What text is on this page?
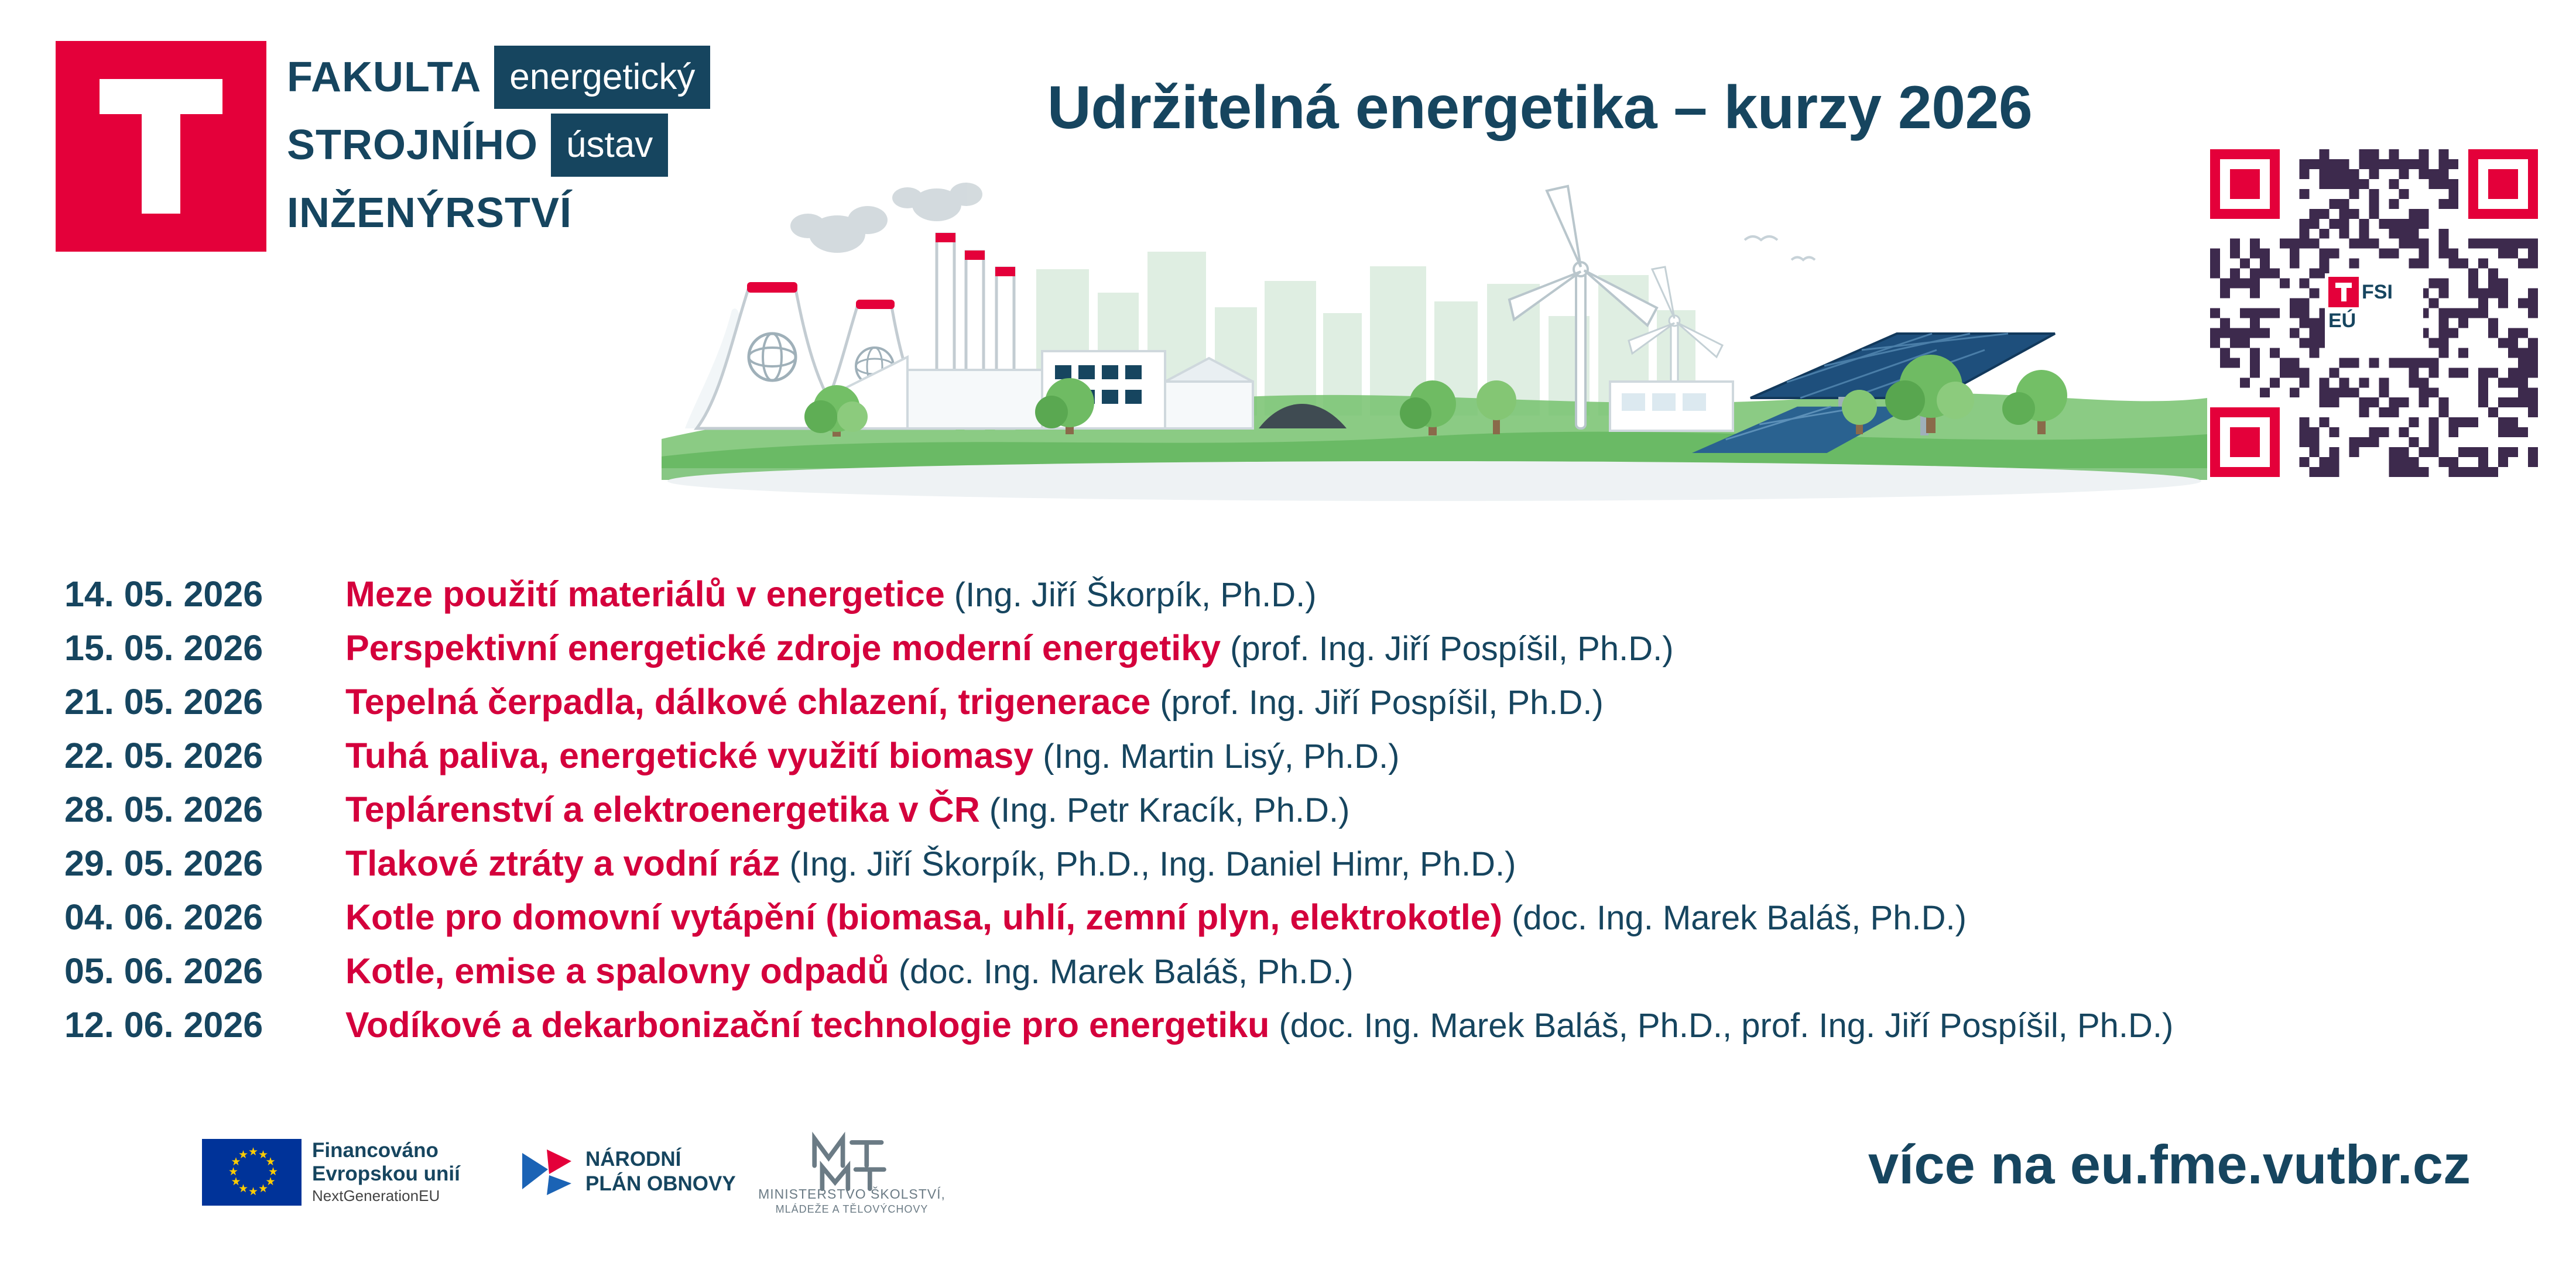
FAKULTA energetický
STROJNÍHO ústav
INŽENÝRSTVÍ
Udržitelná energetika – kurzy 2026
FSI
EÚ
14. 05. 2026	Meze použití materiálů v energetice (Ing. Jiří Škorpík, Ph.D.)
15. 05. 2026	Perspektivní energetické zdroje moderní energetiky (prof. Ing. Jiří Pospíšil, Ph.D.)
21. 05. 2026	Tepelná čerpadla, dálkové chlazení, trigenerace (prof. Ing. Jiří Pospíšil, Ph.D.)
22. 05. 2026	Tuhá paliva, energetické využití biomasy (Ing. Martin Lisý, Ph.D.)
28. 05. 2026	Teplárenství a elektroenergetika v ČR (Ing. Petr Kracík, Ph.D.)
29. 05. 2026	Tlakové ztráty a vodní ráz (Ing. Jiří Škorpík, Ph.D., Ing. Daniel Himr, Ph.D.)
04. 06. 2026	Kotle pro domovní vytápění (biomasa, uhlí, zemní plyn, elektrokotle) (doc. Ing. Marek Baláš, Ph.D.)
05. 06. 2026	Kotle, emise a spalovny odpadů (doc. Ing. Marek Baláš, Ph.D.)
12. 06. 2026	Vodíkové a dekarbonizační technologie pro energetiku (doc. Ing. Marek Baláš, Ph.D., prof. Ing. Jiří Pospíšil, Ph.D.)
★ ★
★
★
★
★
★
★
★
★
★
★	Financováno
Evropskou unií
NextGenerationEU
NÁRODNÍ
PLÁN OBNOVY MINISTERSTVO ŠKOLSTVÍ,
MLÁDEŽE A TĚLOVÝCHOVY
více na eu.fme.vutbr.cz
